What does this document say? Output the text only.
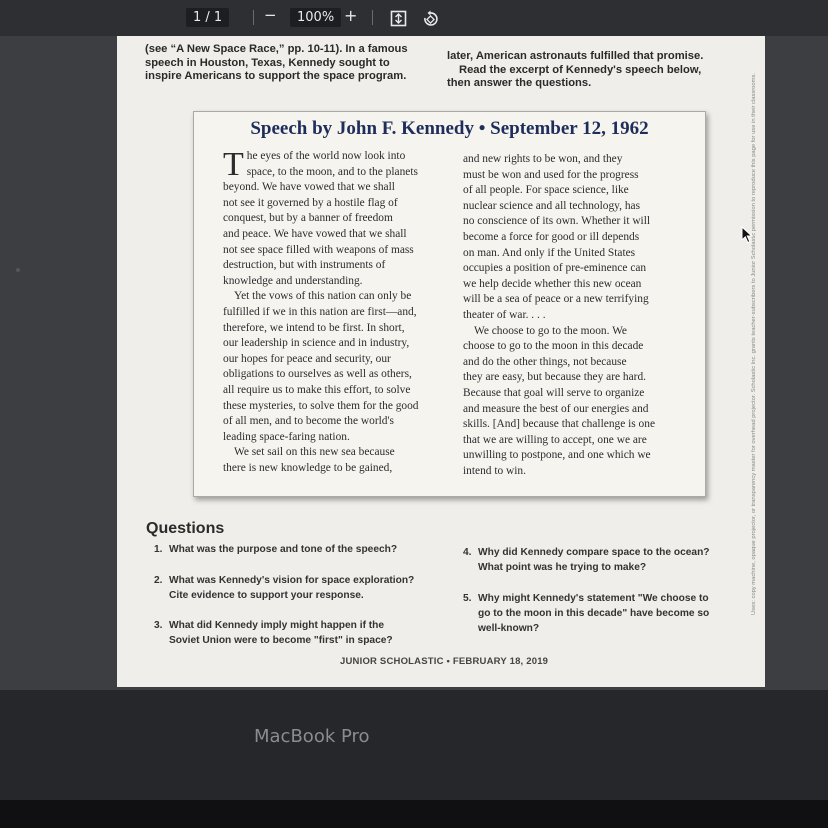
1 / 1	−	100% +

(see “A New Space Race,” pp. 10-11). In a famous

speech in Houston, Texas, Kennedy sought to

inspire Americans to support the space program.

later, American astronauts fulfilled that promise.

Read the excerpt of Kennedy's speech below,

then answer the questions.

Speech by John F. Kennedy • September 12, 1962

The eyes of the world now look into

space, to the moon, and to the planets

beyond. We have vowed that we shall

not see it governed by a hostile flag of

conquest, but by a banner of freedom

and peace. We have vowed that we shall

not see space filled with weapons of mass

destruction, but with instruments of

knowledge and understanding.

Yet the vows of this nation can only be

fulfilled if we in this nation are first—and,

therefore, we intend to be first. In short,

our leadership in science and in industry,

our hopes for peace and security, our

obligations to ourselves as well as others,

all require us to make this effort, to solve

these mysteries, to solve them for the good

of all men, and to become the world's

leading space-faring nation.

We set sail on this new sea because

there is new knowledge to be gained,

and new rights to be won, and they

must be won and used for the progress

of all people. For space science, like

nuclear science and all technology, has

no conscience of its own. Whether it will

become a force for good or ill depends

on man. And only if the United States

occupies a position of pre-eminence can

we help decide whether this new ocean

will be a sea of peace or a new terrifying

theater of war. . . .

We choose to go to the moon. We

choose to go to the moon in this decade

and do the other things, not because

they are easy, but because they are hard.

Because that goal will serve to organize

and measure the best of our energies and

skills. [And] because that challenge is one

that we are willing to accept, one we are

unwilling to postpone, and one which we

intend to win.

Questions
1. What was the purpose and tone of the speech?
2. What was Kennedy's vision for space exploration?
Cite evidence to support your response.
3. What did Kennedy imply might happen if the
Soviet Union were to become "first" in space?
4. Why did Kennedy compare space to the ocean?
What point was he trying to make?
5. Why might Kennedy's statement "We choose to
go to the moon in this decade" have become so
well-known?
JUNIOR SCHOLASTIC • FEBRUARY 18, 2019
Uses: copy machine, opaque projector, or transparency master for overhead projector. Scholastic Inc. grants teacher-subscribers to Junior Scholastic permission to reproduce this page for use in their classrooms.
MacBook Pro
